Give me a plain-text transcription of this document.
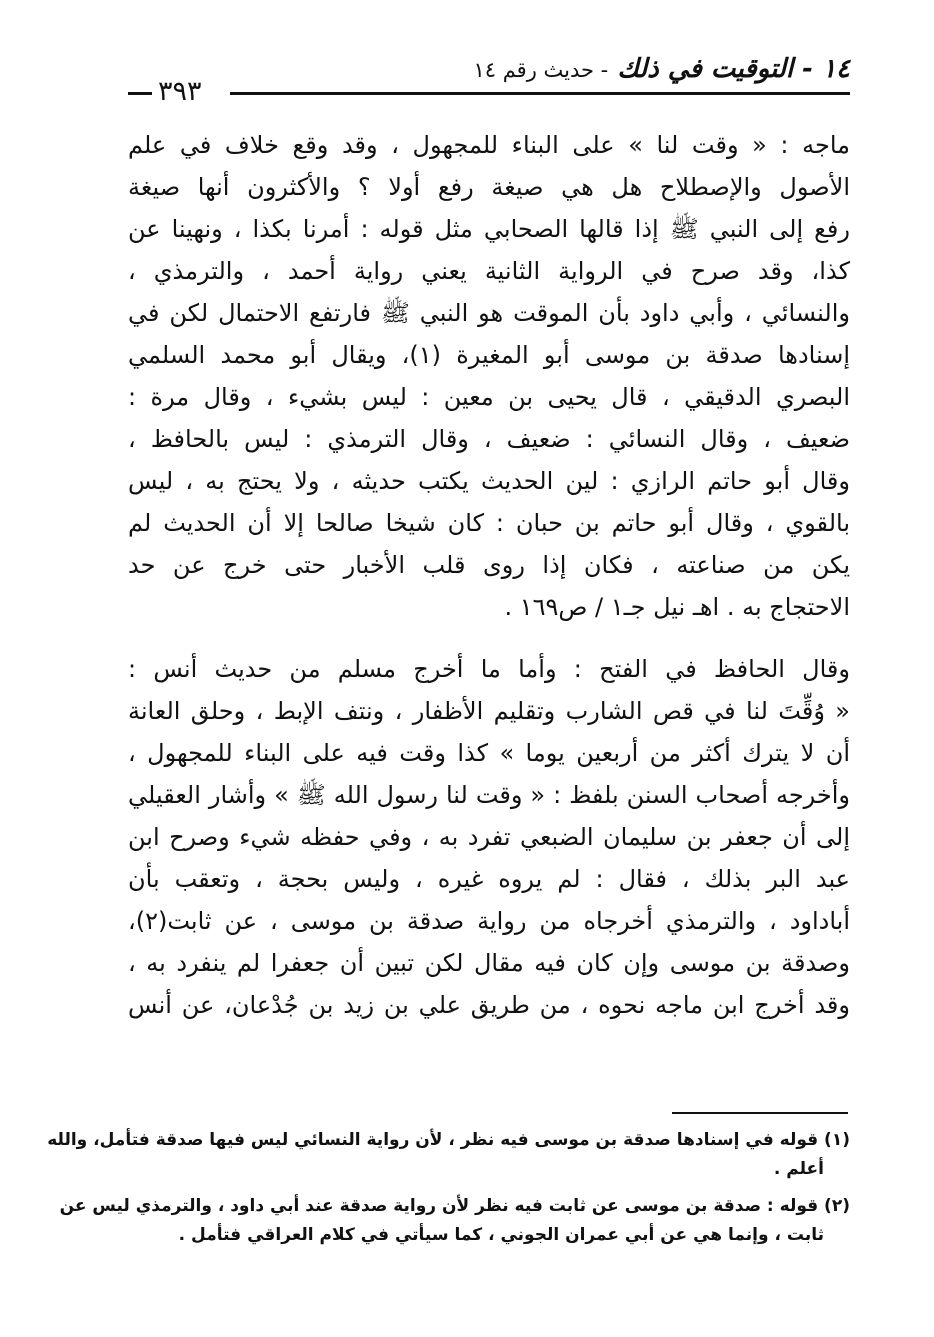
١٤ - التوقيت في ذلك - حديث رقم ١٤
٣٩٣
ماجه : « وقت لنا » على البناء للمجهول ، وقد وقع خلاف في علم
الأصول والإصطلاح هل هي صيغة رفع أولا ؟ والأكثرون أنها صيغة
رفع إلى النبي ﷺ إذا قالها الصحابي مثل قوله : أمرنا بكذا ، ونهينا عن
كذا، وقد صرح في الرواية الثانية يعني رواية أحمد ، والترمذي ،
والنسائي ، وأبي داود بأن الموقت هو النبي ﷺ فارتفع الاحتمال لكن في
إسنادها صدقة بن موسى أبو المغيرة (١)، ويقال أبو محمد السلمي
البصري الدقيقي ، قال يحيى بن معين : ليس بشيء ، وقال مرة :
ضعيف ، وقال النسائي : ضعيف ، وقال الترمذي : ليس بالحافظ ،
وقال أبو حاتم الرازي : لين الحديث يكتب حديثه ، ولا يحتج به ، ليس
بالقوي ، وقال أبو حاتم بن حبان : كان شيخا صالحا إلا أن الحديث لم
يكن من صناعته ، فكان إذا روى قلب الأخبار حتى خرج عن حد
الاحتجاج به . اهـ نيل جـ١ / ص١٦٩ .
وقال الحافظ في الفتح : وأما ما أخرج مسلم من حديث أنس :
« وُقِّتَ لنا في قص الشارب وتقليم الأظفار ، ونتف الإبط ، وحلق العانة
أن لا يترك أكثر من أربعين يوما » كذا وقت فيه على البناء للمجهول ،
وأخرجه أصحاب السنن بلفظ : « وقت لنا رسول الله ﷺ » وأشار العقيلي
إلى أن جعفر بن سليمان الضبعي تفرد به ، وفي حفظه شيء وصرح ابن
عبد البر بذلك ، فقال : لم يروه غيره ، وليس بحجة ، وتعقب بأن
أباداود ، والترمذي أخرجاه من رواية صدقة بن موسى ، عن ثابت(٢)،
وصدقة بن موسى وإن كان فيه مقال لكن تبين أن جعفرا لم ينفرد به ،
وقد أخرج ابن ماجه نحوه ، من طريق علي بن زيد بن جُدْعان، عن أنس
(١) قوله في إسنادها صدقة بن موسى فيه نظر ، لأن رواية النسائي ليس فيها صدقة فتأمل، والله
أعلم .
(٢) قوله : صدقة بن موسى عن ثابت فيه نظر لأن رواية صدقة عند أبي داود ، والترمذي ليس عن
ثابت ، وإنما هي عن أبي عمران الجوني ، كما سيأتي في كلام العراقي فتأمل .
